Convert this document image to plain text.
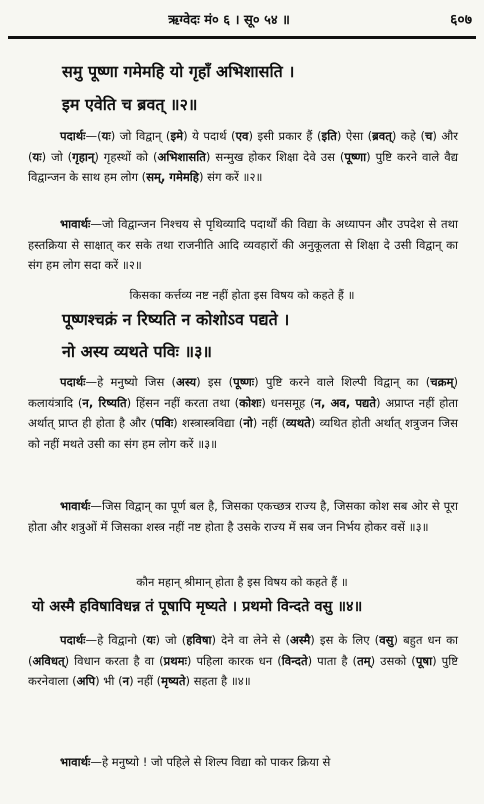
ऋग्वेदः मं० ६ । सू० ५४ ॥	६०७
समु पूष्णा गमेमहि यो गृहाँ अभिशासति ।
इम एवेति च ब्रवत् ॥२॥
पदार्थः—(यः) जो विद्वान् (इमे) ये पदार्थ (एव) इसी प्रकार हैं (इति) ऐसा (ब्रवत्) कहे (च) और (यः) जो (गृहान्) गृहस्थों को (अभिशासति) सन्मुख होकर शिक्षा देवे उस (पूष्णा) पुष्टि करने वाले वैद्य विद्वान्जन के साथ हम लोग (सम्, गमेमहि) संग करें ॥२॥
भावार्थः—जो विद्वान्जन निश्चय से पृथिव्यादि पदार्थों की विद्या के अध्यापन और उपदेश से तथा हस्तक्रिया से साक्षात् कर सके तथा राजनीति आदि व्यवहारों की अनुकूलता से शिक्षा दे उसी विद्वान् का संग हम लोग सदा करें ॥२॥
किसका कर्त्तव्य नष्ट नहीं होता इस विषय को कहते हैं ॥
पूष्णश्चक्रं न रिष्यति न कोशोऽव पद्यते ।
नो अस्य व्यथते पविः ॥३॥
पदार्थः—हे मनुष्यो जिस (अस्य) इस (पूष्णः) पुष्टि करने वाले शिल्पी विद्वान् का (चक्रम्) कलायंत्रादि (न, रिष्यति) हिंसन नहीं करता तथा (कोशः) धनसमूह (न, अव, पद्यते) अप्राप्त नहीं होता अर्थात् प्राप्त ही होता है और (पविः) शस्त्रास्त्रविद्या (नो) नहीं (व्यथते) व्यथित होती अर्थात् शत्रुजन जिस को नहीं मथते उसी का संग हम लोग करें ॥३॥
भावार्थः—जिस विद्वान् का पूर्ण बल है, जिसका एकच्छत्र राज्य है, जिसका कोश सब ओर से पूरा होता और शत्रुओं में जिसका शस्त्र नहीं नष्ट होता है उसके राज्य में सब जन निर्भय होकर वसें ॥३॥
कौन महान् श्रीमान् होता है इस विषय को कहते हैं ॥
यो अस्मै हविषाविधन्न तं पूषापि मृष्यते । प्रथमो विन्दते वसु ॥४॥
पदार्थः—हे विद्वानो (यः) जो (हविषा) देने वा लेने से (अस्मै) इस के लिए (वसु) बहुत धन का (अविधत्) विधान करता है वा (प्रथमः) पहिला कारक धन (विन्दते) पाता है (तम्) उसको (पूषा) पुष्टि करनेवाला (अपि) भी (न) नहीं (मृष्यते) सहता है ॥४॥
भावार्थः—हे मनुष्यो ! जो पहिले से शिल्प विद्या को पाकर क्रिया से
